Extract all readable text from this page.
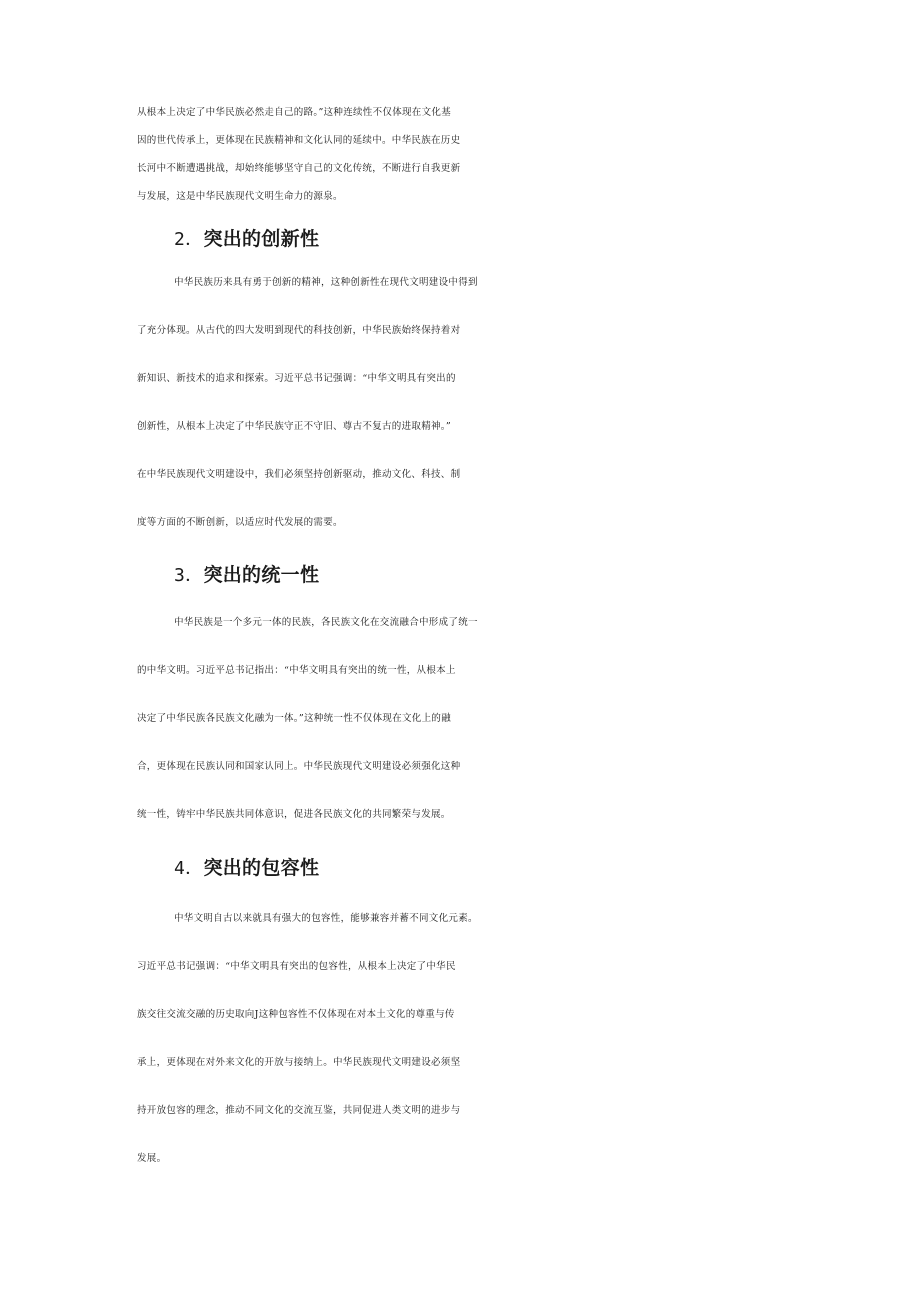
从根本上决定了中华民族必然走自己的路。”这种连续性不仅体现在文化基
因的世代传承上，更体现在民族精神和文化认同的延续中。中华民族在历史
长河中不断遭遇挑战，却始终能够坚守自己的文化传统，不断进行自我更新
与发展，这是中华民族现代文明生命力的源泉。
2．突出的创新性
中华民族历来具有勇于创新的精神，这种创新性在现代文明建设中得到
了充分体现。从古代的四大发明到现代的科技创新，中华民族始终保持着对
新知识、新技术的追求和探索。习近平总书记强调：“中华文明具有突出的
创新性，从根本上决定了中华民族守正不守旧、尊古不复古的进取精神。”
在中华民族现代文明建设中，我们必须坚持创新驱动，推动文化、科技、制
度等方面的不断创新，以适应时代发展的需要。
3．突出的统一性
中华民族是一个多元一体的民族，各民族文化在交流融合中形成了统一
的中华文明。习近平总书记指出：“中华文明具有突出的统一性，从根本上
决定了中华民族各民族文化融为一体。”这种统一性不仅体现在文化上的融
合，更体现在民族认同和国家认同上。中华民族现代文明建设必须强化这种
统一性，铸牢中华民族共同体意识，促进各民族文化的共同繁荣与发展。
4．突出的包容性
中华文明自古以来就具有强大的包容性，能够兼容并蓄不同文化元素。
习近平总书记强调：“中华文明具有突出的包容性，从根本上决定了中华民
族交往交流交融的历史取向J这种包容性不仅体现在对本土文化的尊重与传
承上，更体现在对外来文化的开放与接纳上。中华民族现代文明建设必须坚
持开放包容的理念，推动不同文化的交流互鉴，共同促进人类文明的进步与
发展。
